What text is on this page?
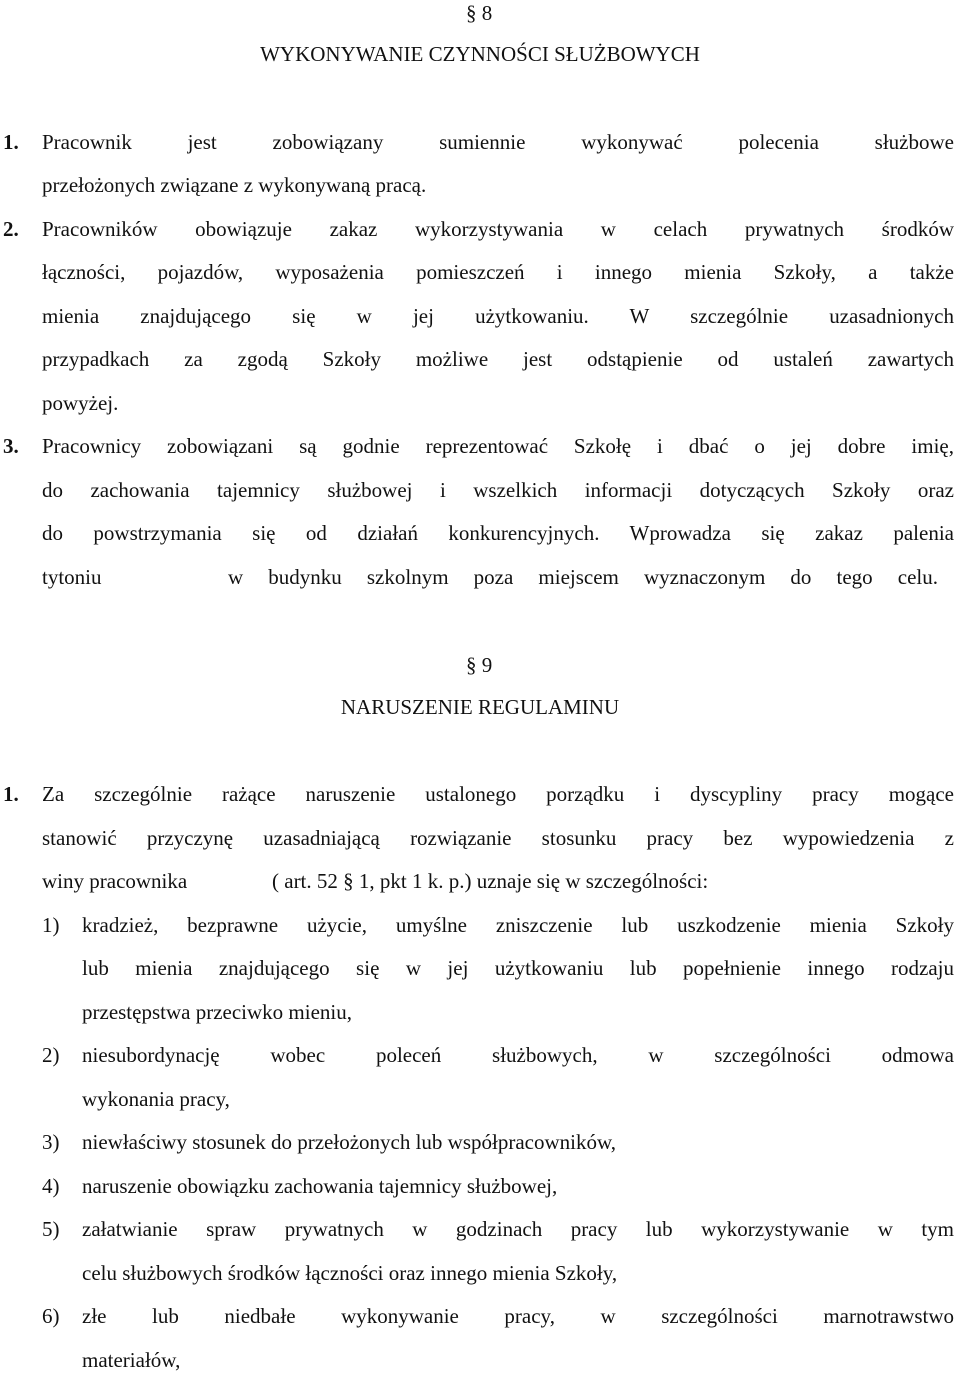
§ 8
WYKONYWANIE CZYNNOŚCI SŁUŻBOWYCH
1. Pracownik jest zobowiązany sumiennie wykonywać polecenia służbowe
przełożonych związane z wykonywaną pracą.
2. Pracowników obowiązuje zakaz wykorzystywania w celach prywatnych środków
łączności, pojazdów, wyposażenia pomieszczeń i innego mienia Szkoły, a także
mienia znajdującego się w jej użytkowaniu. W szczególnie uzasadnionych
przypadkach za zgodą Szkoły możliwe jest odstąpienie od ustaleń zawartych
powyżej.
3. Pracownicy zobowiązani są godnie reprezentować Szkołę i dbać o jej dobre imię,
do zachowania tajemnicy służbowej i wszelkich informacji dotyczących Szkoły oraz
do powstrzymania się od działań konkurencyjnych. Wprowadza się zakaz palenia
tytoniu	w budynku szkolnym poza miejscem wyznaczonym do tego celu.
§ 9
NARUSZENIE REGULAMINU
1. Za szczególnie rażące naruszenie ustalonego porządku i dyscypliny pracy mogące
stanowić przyczynę uzasadniającą rozwiązanie stosunku pracy bez wypowiedzenia z
winy pracownika	( art. 52 § 1, pkt 1 k. p.) uznaje się w szczególności:
1) kradzież, bezprawne użycie, umyślne zniszczenie lub uszkodzenie mienia Szkoły
lub mienia znajdującego się w jej użytkowaniu lub popełnienie innego rodzaju
przestępstwa przeciwko mieniu,
2) niesubordynację wobec poleceń służbowych, w szczególności odmowa
wykonania pracy,
3) niewłaściwy stosunek do przełożonych lub współpracowników,
4) naruszenie obowiązku zachowania tajemnicy służbowej,
5) załatwianie spraw prywatnych w godzinach pracy lub wykorzystywanie w tym
celu służbowych środków łączności oraz innego mienia Szkoły,
6) złe lub niedbałe wykonywanie pracy, w szczególności marnotrawstwo
materiałów,
